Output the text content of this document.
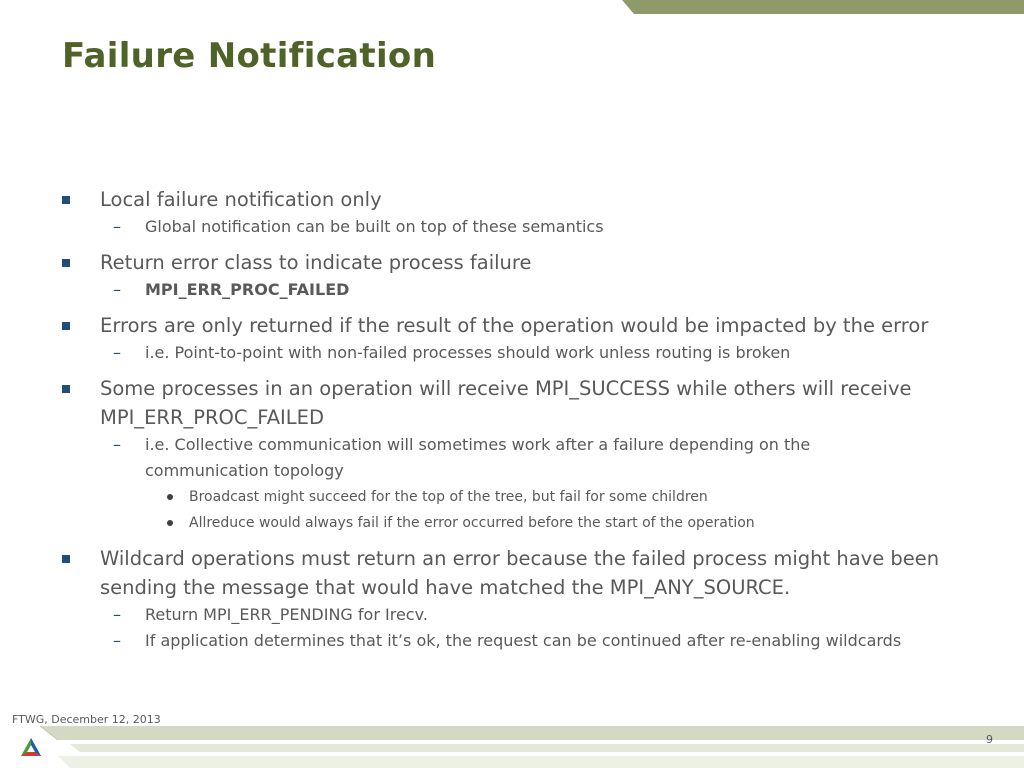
Failure Notification
Local failure notification only
– Global notification can be built on top of these semantics
Return error class to indicate process failure
– MPI_ERR_PROC_FAILED
Errors are only returned if the result of the operation would be impacted by the error
– i.e. Point-to-point with non-failed processes should work unless routing is broken
Some processes in an operation will receive MPI_SUCCESS while others will receive MPI_ERR_PROC_FAILED
– i.e. Collective communication will sometimes work after a failure depending on the communication topology
Broadcast might succeed for the top of the tree, but fail for some children
Allreduce would always fail if the error occurred before the start of the operation
Wildcard operations must return an error because the failed process might have been sending the message that would have matched the MPI_ANY_SOURCE.
– Return MPI_ERR_PENDING for Irecv.
– If application determines that it’s ok, the request can be continued after re-enabling wildcards
FTWG, December 12, 2013
9
